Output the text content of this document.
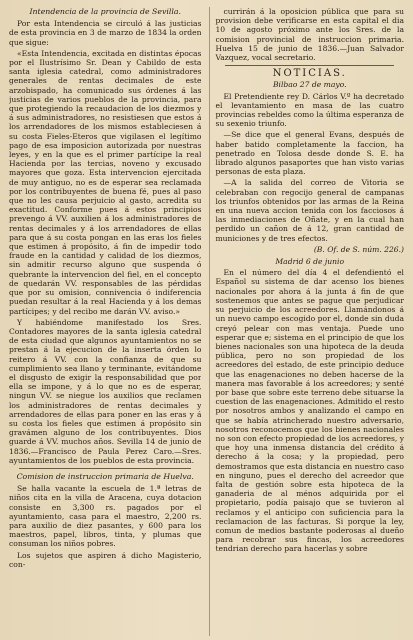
Intendencia de la provincia de Sevilla.

Por esta Intendencia se circuló á las justicias de esta provincia en 3 de marzo de 1834 la orden que sigue:

«Esta Intendencia, excitada en distintas épocas por el Ilustrísimo Sr. Dean y Cabildo de esta santa iglesia catedral, como administradores generales de rentas decimales de este arzobispado, ha comunicado sus órdenes á las justicias de varios pueblos de la provincia, para que protegiendo la recaudacion de los diezmos y á sus administradores, no resistiesen que estos á los arrendadores de los mismos estableciesen á su costa Fieles-Eteros que vigilasen el legítimo pago de esa imposicion autorizada por nuestras leyes, y en la que es el primer partícipe la real Hacienda por las tercias, noveno y excusado mayores que goza. Esta intervencion ejercitada de muy antiguo, no es de esperar sea reclamada por los contribuyentes de buena fé, pues al paso que no les causa perjuicio al gasto, acredita su exactitud. Conforme pues á estos principios prevengo á VV. auxilien á los administradores de rentas decimales y á los arrendadores de ellas para que á su costa pongan en las eras los fieles que estimen á propósito, á fin de impedir todo fraude en la cantidad y calidad de los diezmos, sin admitir recurso alguno que suspenda ó quebrante la intervencion del fiel, en el concepto de quedarán VV. responsables de las pérdidas que por su omision, connivencia ó indiferencia puedan resultar á la real Hacienda y á los demas partícipes; y del recibo me darán VV. aviso.»

Y habiéndome manifestado los Sres. Contadores mayores de la santa iglesia catedral de esta ciudad que algunos ayuntamientos no se prestan á la ejecucion de la inserta órden lo reitero á VV. con la confianza de que su cumplimiento sea llano y terminante, evitándome el disgusto de exigir la responsabilidad que por ella se impone, y á lo que no es de esperar, ningun VV. se niegue los auxilios que reclamen los administradores de rentas decimales y arrendadores de ellas para poner en las eras y á su costa los fieles que estimen á propósito sin gravámen alguno de los contribuyentes. Dios guarde á VV. muchos años. Sevilla 14 de junio de 1836.—Francisco de Paula Perez Caro.—Sres. ayuntamientos de los pueblos de esta provincia.

Comision de instruccion primaria de Huelva.

Se halla vacante la escuela de 1.ª letras de niños cita en la villa de Aracena, cuya dotacion consiste en 3,300 rs. pagados por el ayuntamiento, casa para el maestro, 2,200 rs. para auxilio de diez pasantes, y 600 para los maestros, papel, libros, tinta, y plumas que consuman los niños pobres.

Los sujetos que aspiren á dicho Magisterio, con-

currirán á la oposicion pública que para su provision debe verificarse en esta capital el dia 10 de agosto próximo ante los Sres. de la comision provincial de instruccion primaria. Huelva 15 de junio de 1836.—Juan Salvador Vazquez, vocal secretario.

NOTICIAS.
Bilbao 27 de mayo.

El Pretendiente rey D. Cárlos V.º ha decretado el levantamiento en masa de las cuatro provincias rebeldes como la última esperanza de su sexenio triunfo.

—Se dice que el general Evans, después de haber batido completamente la faccion, ha penetrado en Tolosa desde donde S. E. ha librado algunos pasaportes que han visto varias personas de esta plaza.

—A la salida del correo de Vitoria se celebraban con regocijo general de campanas los triunfos obtenidos por las armas de la Reina en una nueva accion tenida con los facciosos á las inmediaciones de Oñate, y en la cual han perdido un cañon de á 12, gran cantidad de municiones y de tres efectos.

(B. Of. de S. núm. 226.)
Madrid 6 de junio

En el número del día 4 el defendientó el Español su sistema de dar acenso los bienes nacionales por ahora á la junta á fin de que sostenemos que antes se pague que perjudicar su perjuicio de los acreedores. Llamándonos á un nuevo campo escogido por el, donde sin duda creyó pelear con mas ventaja. Puede uno esperar que e; sistema en el principio de que los bienes nacionales son una hipoteca de la deuda pública, pero no son propiedad de los acreedores del estado, de este principio deduce que las enagenaciones no deben hacerse de la manera mas favorable á los acreedores; y senté por base que sobre este terreno debe situarse la cuestion de las enagenaciones. Admitido el resto por nosotros ambos y analizando el campo en que se había atrincherado nuestro adversario, nosotros reconocemos que los bienes nacionales no son con efecto propiedad de los acreedores, y que hoy una inmensa distancia del crédito á derecho á la cosa; y la propiedad, pero demostramos que esta distancia en nuestro caso en ninguno, pues el derecho del acreedor que falta de gestión sobre esta hipoteca de la ganaderia de al ménos adquirida por el propietario, podía paisajo que se tuvieron al reclamos y el anticipo con suficiencia para la reclamacion de las facturas. Si porque la ley, comun de medios bastante poderosas al dueño para recobrar sus fincas, los acreedores tendrian derecho para hacerlas y sobre
